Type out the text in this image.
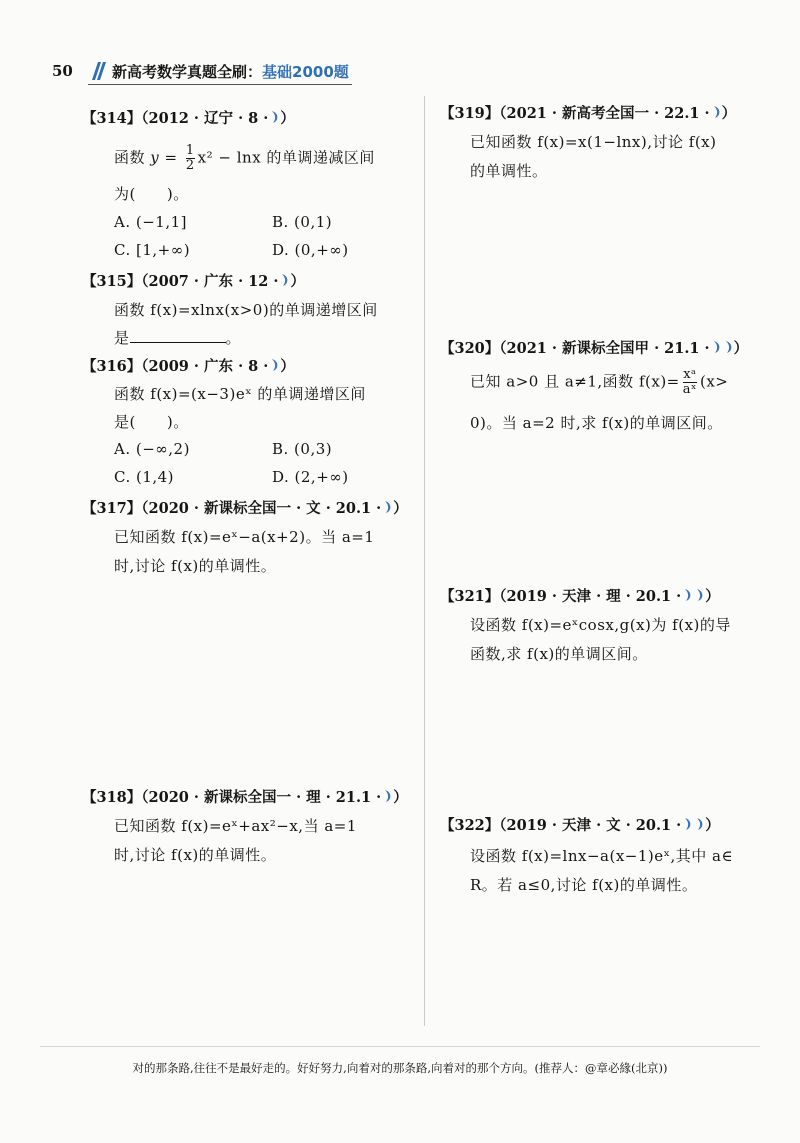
50	新高考数学真题全刷：基础2000题
【314】（2012 · 辽宁 · 8 · ）
函数 $y = \frac{1}{2} x^2 - \ln x$ 的单调递减区间
为(　　)。
A. (−1,1]	B. (0,1)
C. [1,+∞)	D. (0,+∞)
【315】（2007 · 广东 · 12 · ）
函数 f(x)=xlnx(x>0)的单调递增区间
是	。
【316】（2009 · 广东 · 8 · ）
函数 f(x)=(x−3)eˣ 的单调递增区间
是(　　)。
A. (−∞,2)	B. (0,3)
C. (1,4)	D. (2,+∞)
【317】（2020 · 新课标全国一 · 文 · 20.1 · ）
已知函数 f(x)=eˣ−a(x+2)。当 a=1
时,讨论 f(x)的单调性。
【318】（2020 · 新课标全国一 · 理 · 21.1 · ）
已知函数 f(x)=eˣ+ax²−x,当 a=1
时,讨论 f(x)的单调性。
【319】（2021 · 新高考全国一 · 22.1 · ）
已知函数 f(x)=x(1−lnx),讨论 f(x)
的单调性。
【320】（2021 · 新课标全国甲 · 21.1 · ）
已知 a>0 且 a≠1,函数 $f(x)= \frac{\text{xᵃ}}{\text{aˣ}} (x>$
0)。当 a=2 时,求 f(x)的单调区间。
【321】（2019 · 天津 · 理 · 20.1 · ）
设函数 f(x)=eˣcosx,g(x)为 f(x)的导
函数,求 f(x)的单调区间。
【322】（2019 · 天津 · 文 · 20.1 · ）
设函数 f(x)=lnx−a(x−1)eˣ,其中 a∈
R。若 a≤0,讨论 f(x)的单调性。
对的那条路,往往不是最好走的。好好努力,向着对的那条路,向着对的那个方向。(推荐人：@章必緣(北京))
